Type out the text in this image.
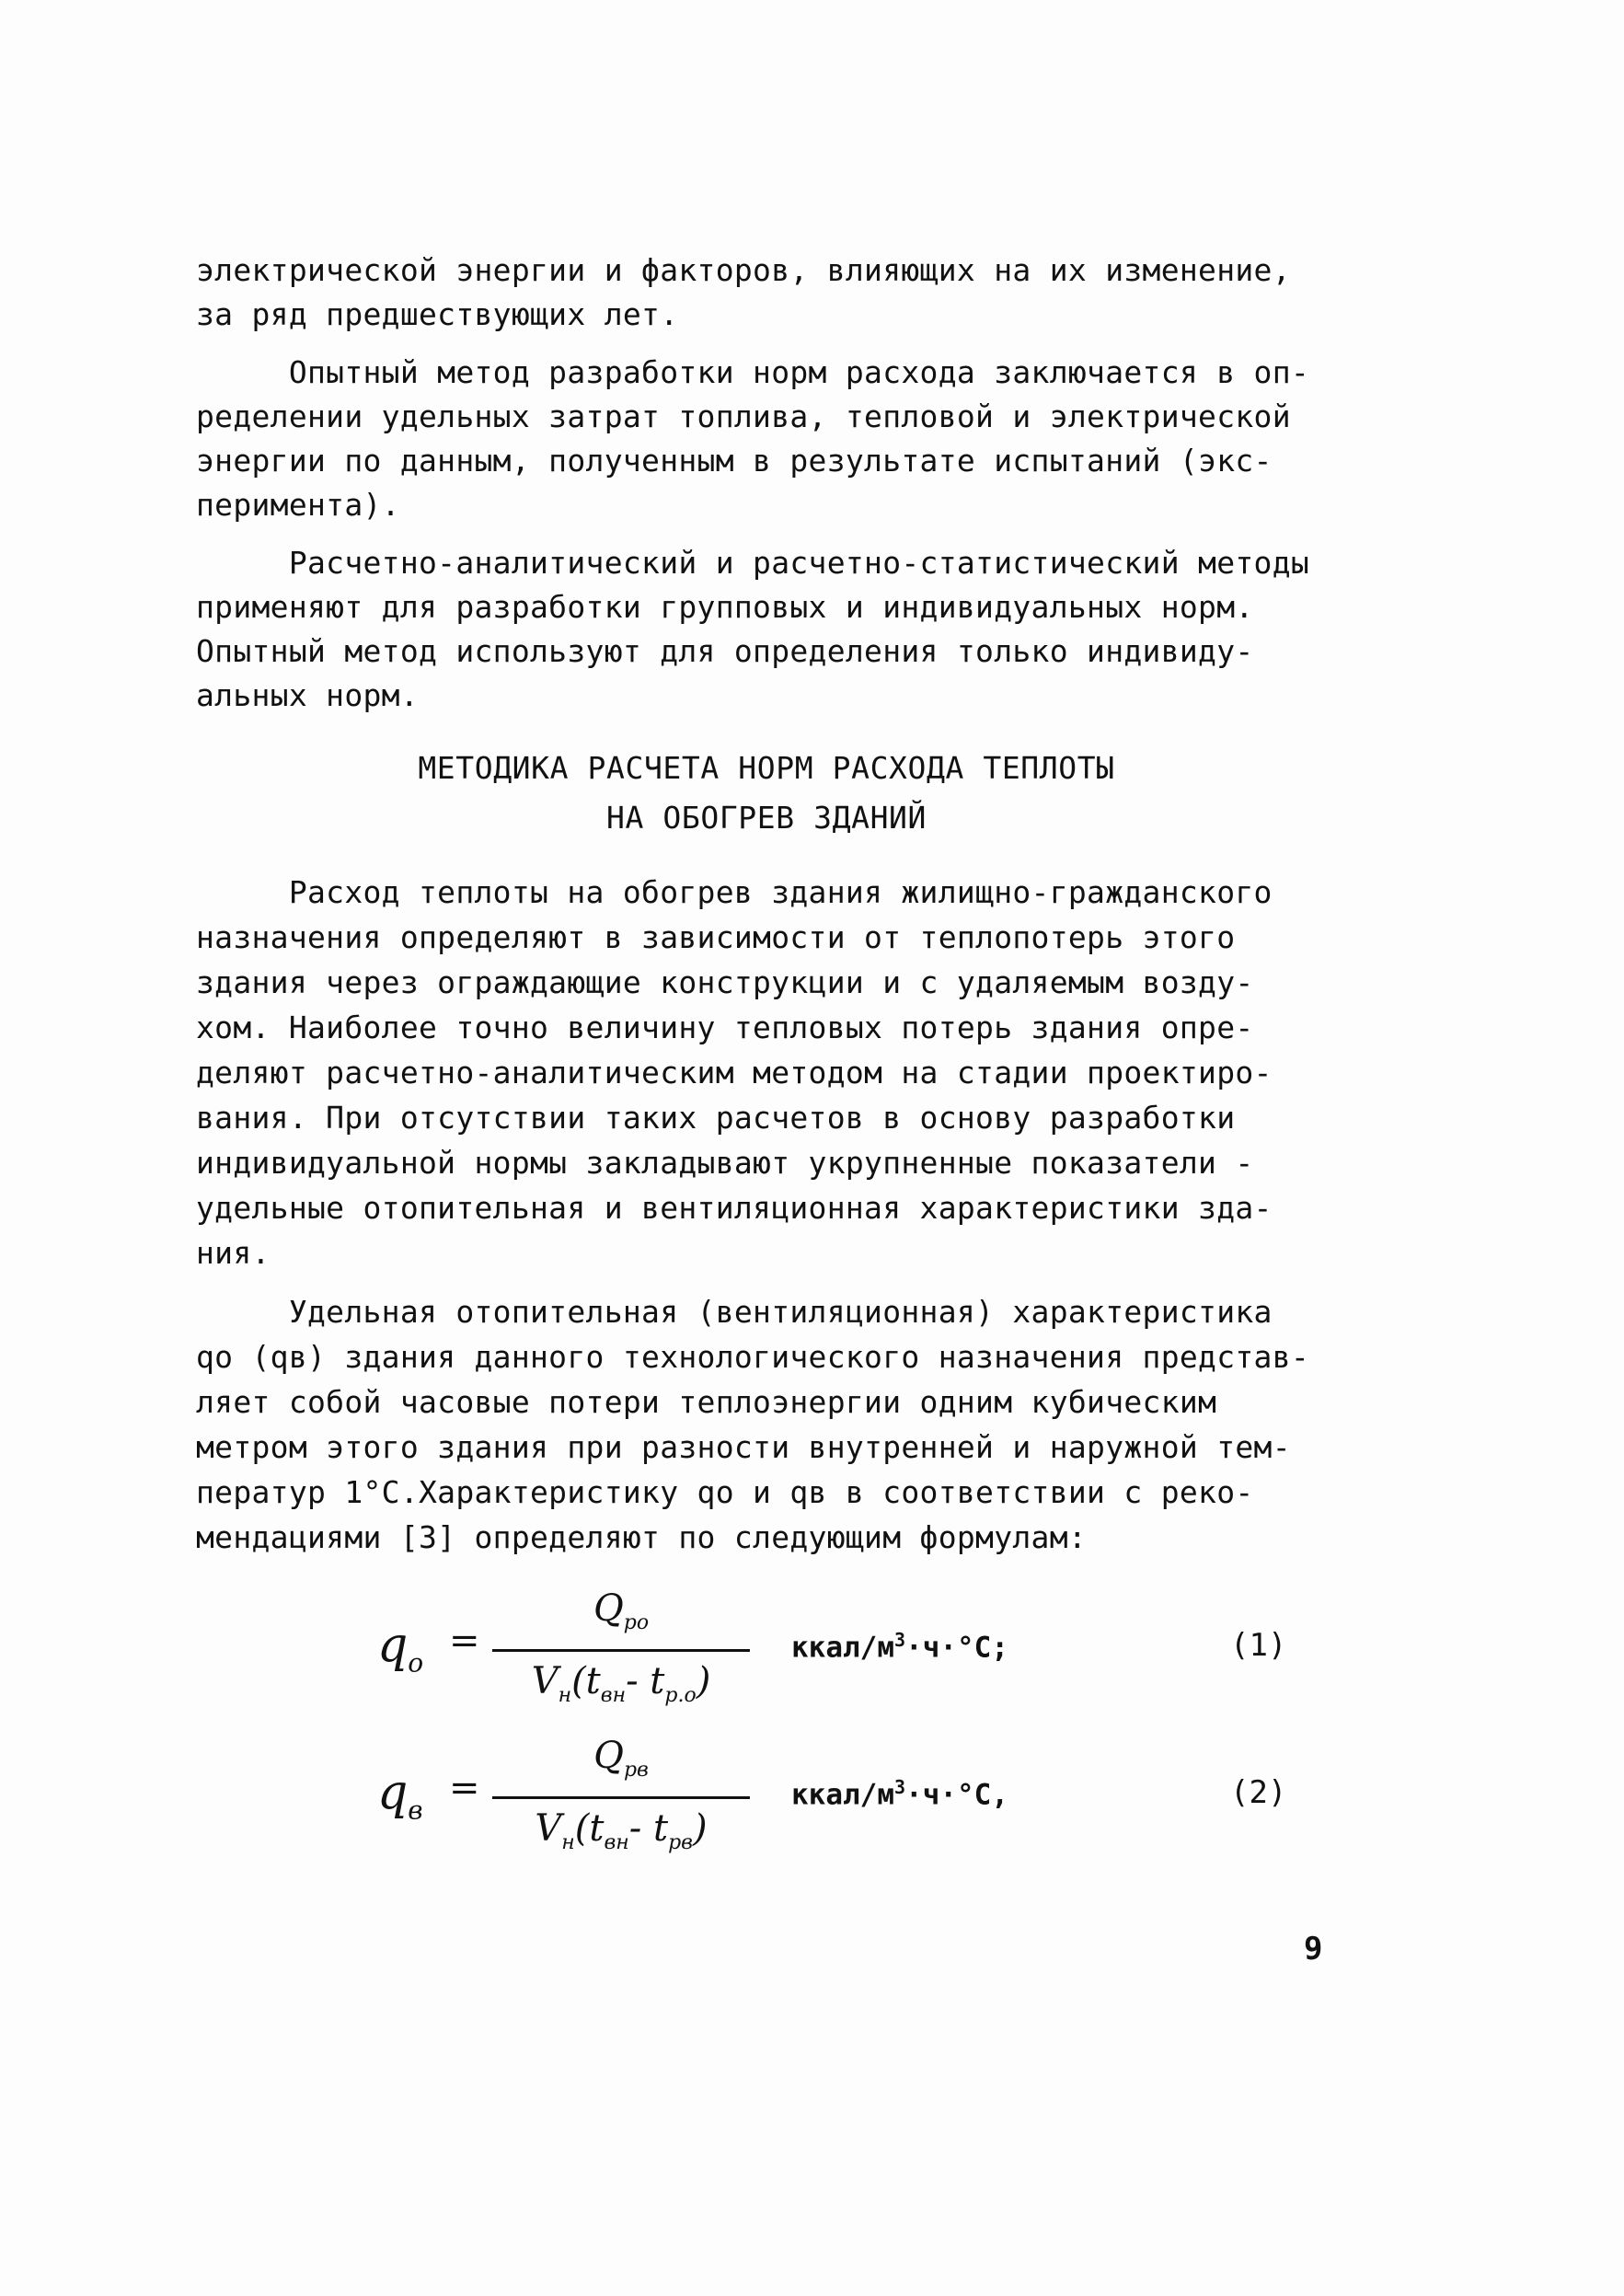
электрической энергии и факторов, влияющих на их изменение,
за ряд предшествующих лет.

Опытный метод разработки норм расхода заключается в оп-
ределении удельных затрат топлива, тепловой и электрической
энергии по данным, полученным в результате испытаний (экс-
перимента).

Расчетно-аналитический и расчетно-статистический методы
применяют для разработки групповых и индивидуальных норм.
Опытный метод используют для определения только индивиду-
альных норм.

МЕТОДИКА РАСЧЕТА НОРМ РАСХОДА ТЕПЛОТЫ
НА ОБОГРЕВ ЗДАНИЙ

Расход теплоты на обогрев здания жилищно-гражданского
назначения определяют в зависимости от теплопотерь этого
здания через ограждающие конструкции и с удаляемым возду-
хом. Наиболее точно величину тепловых потерь здания опре-
деляют расчетно-аналитическим методом на стадии проектиро-
вания. При отсутствии таких расчетов в основу разработки
индивидуальной нормы закладывают укрупненные показатели -
удельные отопительная и вентиляционная характеристики зда-
ния.

Удельная отопительная (вентиляционная) характеристика
qo (qв) здания данного технологического назначения представ-
ляет собой часовые потери теплоэнергии одним кубическим
метром этого здания при разности внутренней и наружной тем-
ператур 1°С.Характеристику qo и qв в соответствии с реко-
мендациями [3] определяют по следующим формулам:

$q_o$
=
$Q_{ро}$
$V_н(t_{вн}-$ $t_{р.о}$)
ккал/$м^3\cdot ч\cdot^\circ С$;	(1)
$q_в$
=
$Q_{рв}$
$V_н(t_{вн}-$ $t_{рв}$)
ккал/$м^3\cdot ч\cdot^\circ С$,	(2)
9
